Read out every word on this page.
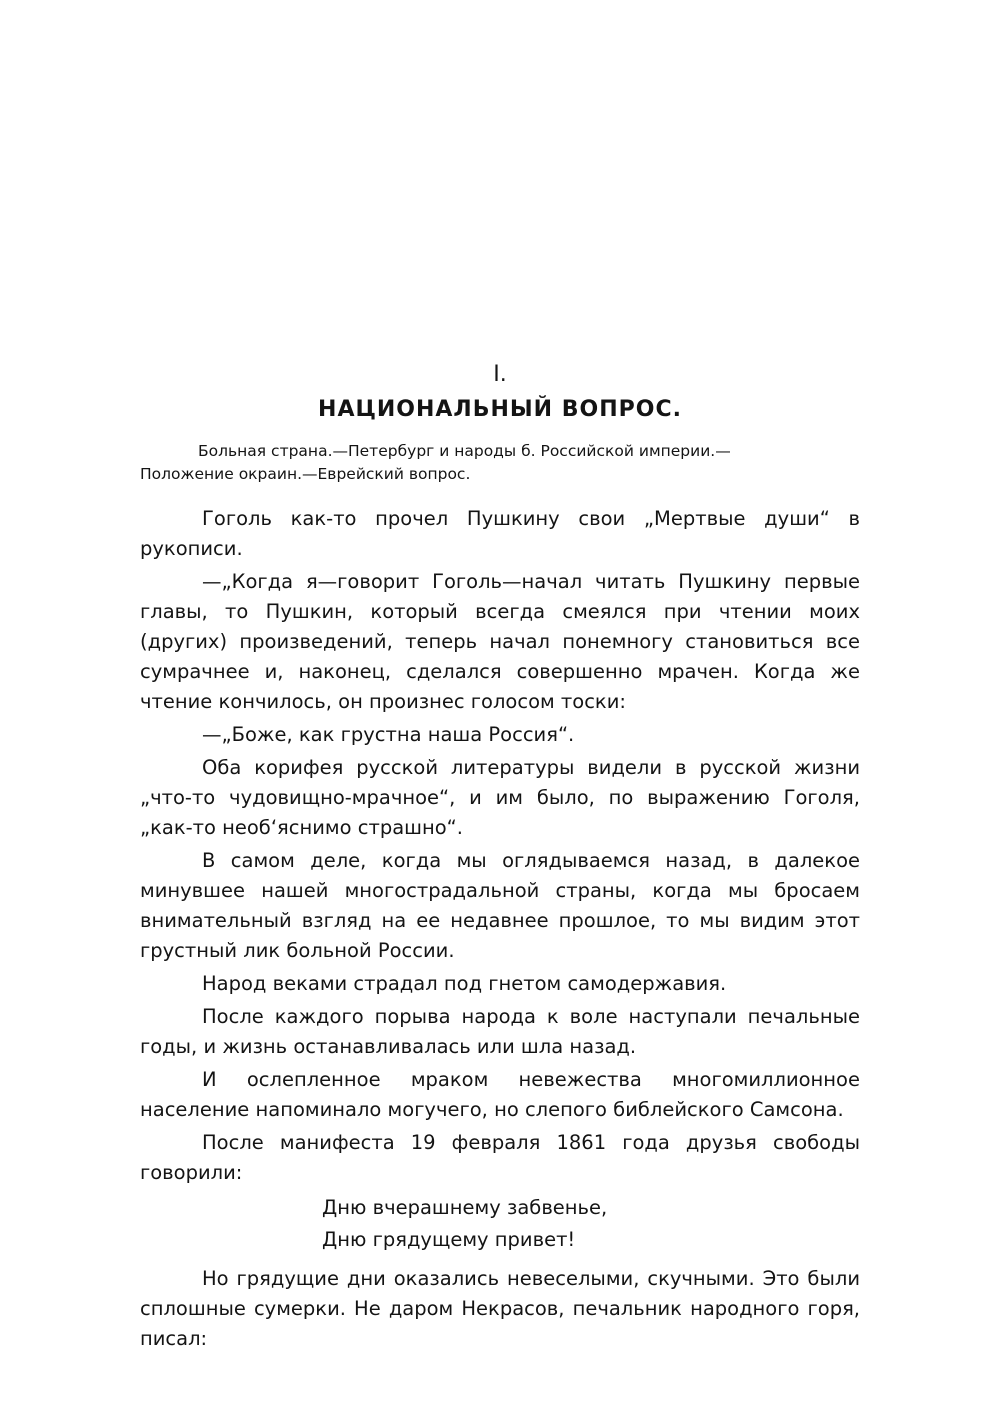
I.
НАЦИОНАЛЬНЫЙ ВОПРОС.
Больная страна.—Петербург и народы б. Российской империи.—
Положение окраин.—Еврейский вопрос.

Гоголь как-то прочел Пушкину свои „Мертвые души“ в рукописи.

—„Когда я—говорит Гоголь—начал читать Пушкину первые главы, то Пушкин, который всегда смеялся при чтении моих (других) произведений, теперь начал понемногу становиться все сумрачнее и, наконец, сделался совершенно мрачен. Когда же чтение кончилось, он произнес голосом тоски:

—„Боже, как грустна наша Россия“.

Оба корифея русской литературы видели в русской жизни „что-то чудовищно-мрачное“, и им было, по выражению Гоголя, „как-то необ‘яснимо страшно“.

В самом деле, когда мы оглядываемся назад, в далекое минувшее нашей многострадальной страны, когда мы бросаем внимательный взгляд на ее недавнее прошлое, то мы видим этот грустный лик больной России.

Народ веками страдал под гнетом самодержавия.

После каждого порыва народа к воле наступали печальные годы, и жизнь останавливалась или шла назад.

И ослепленное мраком невежества многомиллионное население напоминало могучего, но слепого библейского Самсона.

После манифеста 19 февраля 1861 года друзья свободы говорили:

Дню вчерашнему забвенье,
Дню грядущему привет!

Но грядущие дни оказались невеселыми, скучными. Это были сплошные сумерки. Не даром Некрасов, печальник народного горя, писал:
